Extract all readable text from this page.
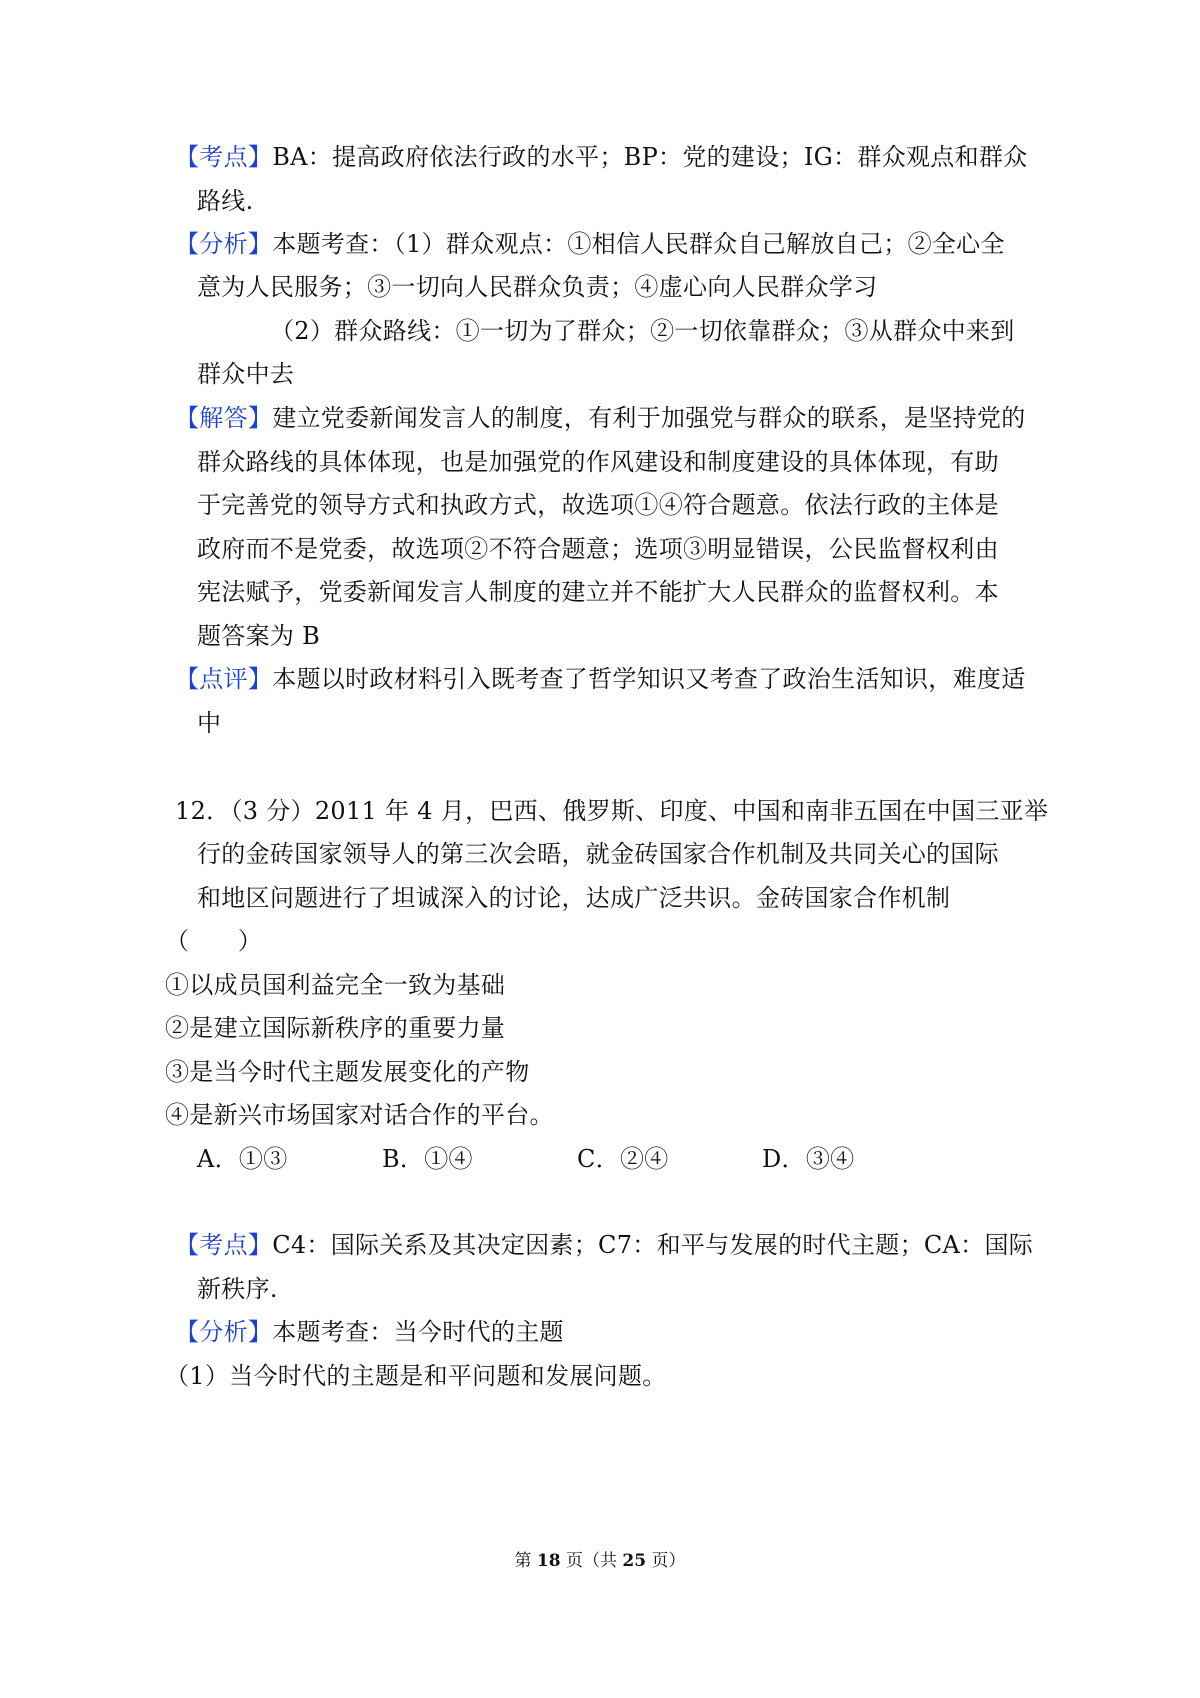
【考点】BA：提高政府依法行政的水平；BP：党的建设；IG：群众观点和群众

路线.

【分析】本题考查：（1）群众观点：①相信人民群众自己解放自己；②全心全

意为人民服务；③一切向人民群众负责；④虚心向人民群众学习

（2）群众路线：①一切为了群众；②一切依靠群众；③从群众中来到

群众中去

【解答】建立党委新闻发言人的制度，有利于加强党与群众的联系，是坚持党的

群众路线的具体体现，也是加强党的作风建设和制度建设的具体体现，有助

于完善党的领导方式和执政方式，故选项①④符合题意。依法行政的主体是

政府而不是党委，故选项②不符合题意；选项③明显错误，公民监督权利由

宪法赋予，党委新闻发言人制度的建立并不能扩大人民群众的监督权利。本

题答案为 B

【点评】本题以时政材料引入既考查了哲学知识又考查了政治生活知识，难度适

中

12．（3 分）2011 年 4 月，巴西、俄罗斯、印度、中国和南非五国在中国三亚举

行的金砖国家领导人的第三次会晤，就金砖国家合作机制及共同关心的国际

和地区问题进行了坦诚深入的讨论，达成广泛共识。金砖国家合作机制

（　　）

①以成员国利益完全一致为基础

②是建立国际新秩序的重要力量

③是当今时代主题发展变化的产物

④是新兴市场国家对话合作的平台。

A．①③	B．①④	C．②④	D．③④

【考点】C4：国际关系及其决定因素；C7：和平与发展的时代主题；CA：国际

新秩序.

【分析】本题考查：当今时代的主题

（1）当今时代的主题是和平问题和发展问题。

第 18 页（共 25 页）
